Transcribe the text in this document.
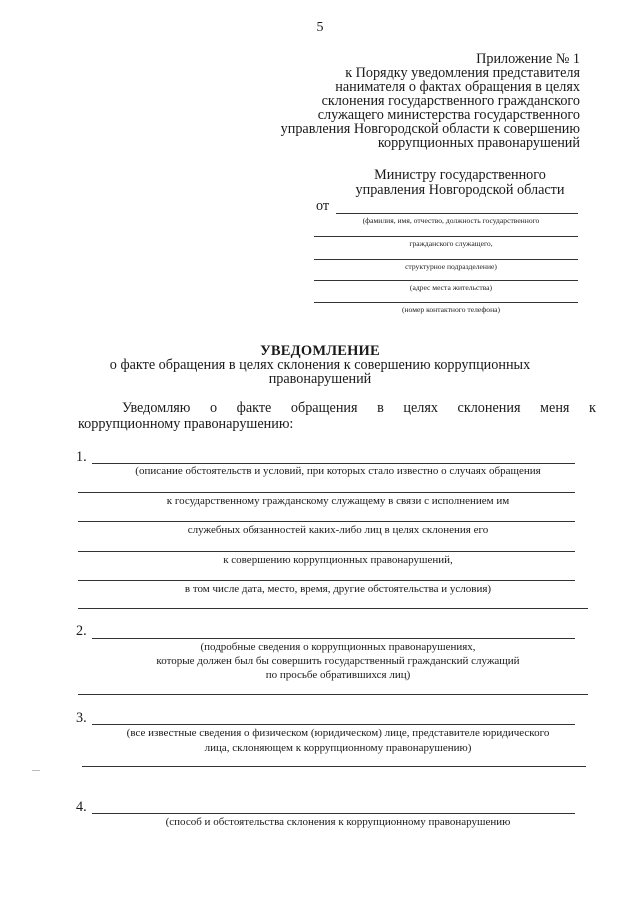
5
Приложение № 1
к Порядку уведомления представителя
нанимателя о фактах обращения в целях
склонения государственного гражданского
служащего министерства государственного
управления Новгородской области к совершению
коррупционных правонарушений
Министру государственного
управления Новгородской области
от
(фамилия, имя, отчество, должность государственного
гражданского служащего,
структурное подразделение)
(адрес места жительства)
(номер контактного телефона)
УВЕДОМЛЕНИЕ
о факте обращения в целях склонения к совершению коррупционных
правонарушений
Уведомляю о факте обращения в целях склонения меня к
коррупционному правонарушению:
1.
(описание обстоятельств и условий, при которых стало известно о случаях обращения
к государственному гражданскому служащему в связи с исполнением им
служебных обязанностей каких-либо лиц в целях склонения его
к совершению коррупционных правонарушений,
в том числе дата, место, время, другие обстоятельства и условия)
2.
(подробные сведения о коррупционных правонарушениях,
которые должен был бы совершить государственный гражданский служащий
по просьбе обратившихся лиц)
3.
(все известные сведения о физическом (юридическом) лице, представителе юридического
лица, склоняющем к коррупционному правонарушению)
4.
(способ и обстоятельства склонения к коррупционному правонарушению
